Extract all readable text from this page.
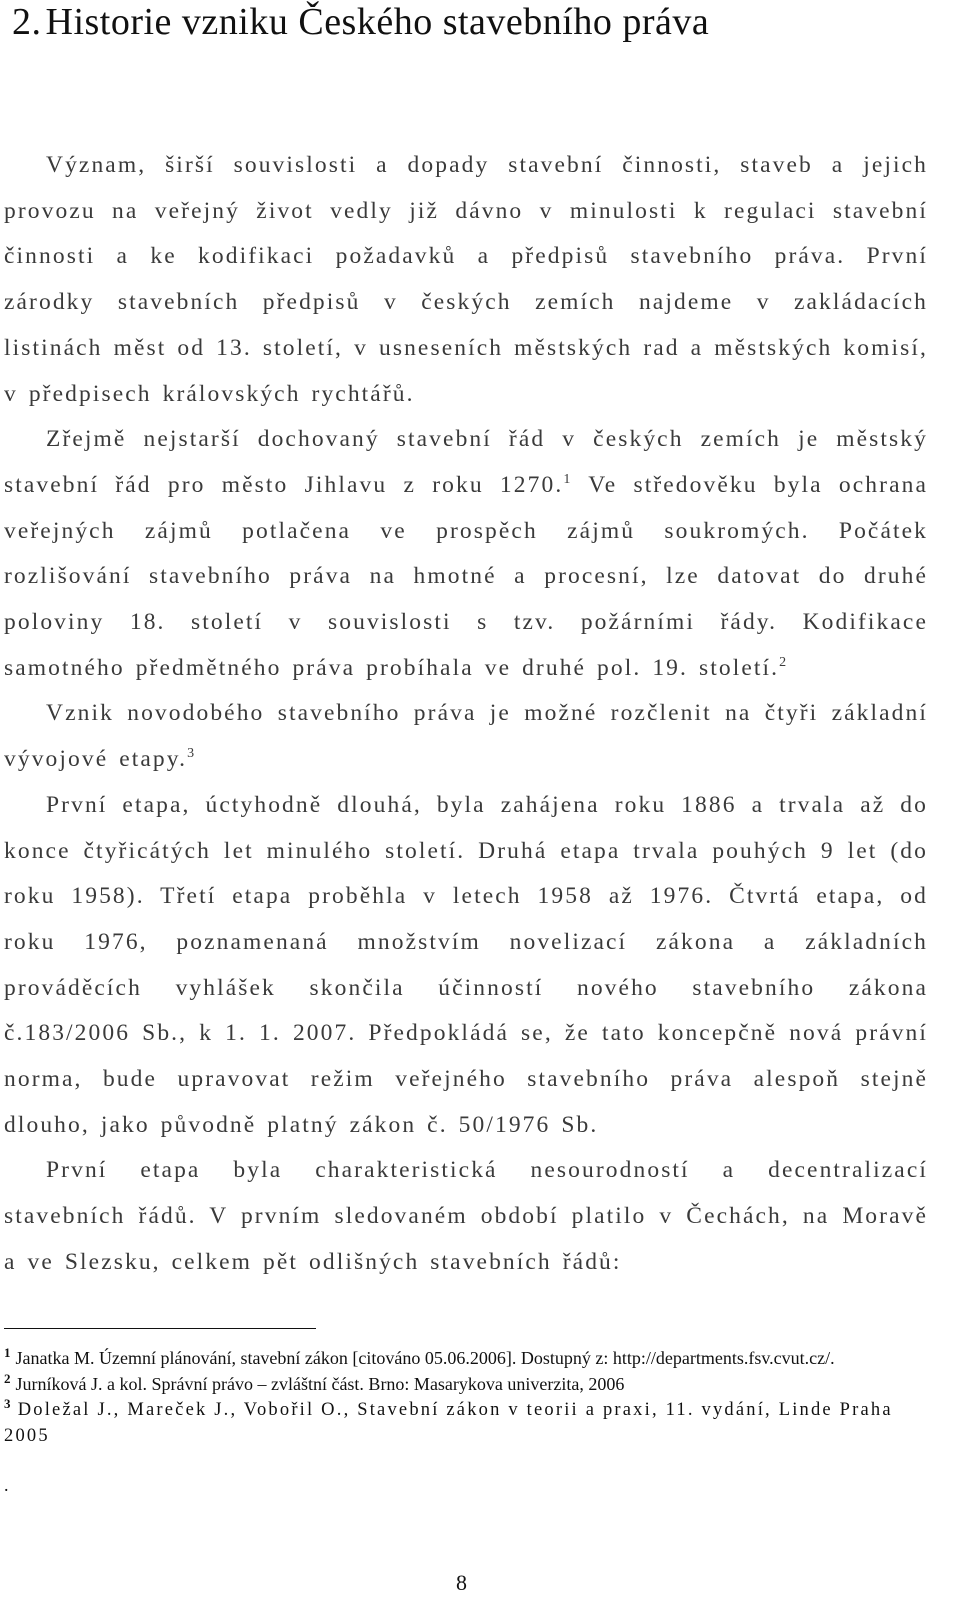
2. Historie vzniku Českého stavebního práva

Význam, širší souvislosti a dopady stavební činnosti, staveb a jejich provozu na veřejný život vedly již dávno v minulosti k regulaci stavební činnosti a ke kodifikaci požadavků a předpisů stavebního práva. První zárodky stavebních předpisů v českých zemích najdeme v zakládacích listinách měst od 13. století, v usneseních městských rad a městských komisí, v předpisech královských rychtářů.

Zřejmě nejstarší dochovaný stavební řád v českých zemích je městský stavební řád pro město Jihlavu z roku 1270.$^1$ Ve středověku byla ochrana veřejných zájmů potlačena ve prospěch zájmů soukromých. Počátek rozlišování stavebního práva na hmotné a procesní, lze datovat do druhé poloviny 18. století v souvislosti s tzv. požárními řády. Kodifikace samotného předmětného práva probíhala ve druhé pol. 19. století.$^2$

Vznik novodobého stavebního práva je možné rozčlenit na čtyři základní vývojové etapy.$^3$

První etapa, úctyhodně dlouhá, byla zahájena roku 1886 a trvala až do konce čtyřicátých let minulého století. Druhá etapa trvala pouhých 9 let (do roku 1958). Třetí etapa proběhla v letech 1958 až 1976. Čtvrtá etapa, od roku 1976, poznamenaná množstvím novelizací zákona a základních prováděcích vyhlášek skončila účinností nového stavebního zákona č.183/2006 Sb., k 1. 1. 2007. Předpokládá se, že tato koncepčně nová právní norma, bude upravovat režim veřejného stavebního práva alespoň stejně dlouho, jako původně platný zákon č. 50/1976 Sb.

První etapa byla charakteristická nesourodností a decentralizací stavebních řádů. V prvním sledovaném období platilo v Čechách, na Moravě a ve Slezsku, celkem pět odlišných stavebních řádů:

$^1$ Janatka M. Územní plánování, stavební zákon [citováno 05.06.2006]. Dostupný z: http://departments.fsv.cvut.cz/.

$^2$ Jurníková J. a kol. Správní právo – zvláštní část. Brno: Masarykova univerzita, 2006

$^3$ Doležal J., Mareček J., Vobořil O., Stavební zákon v teorii a praxi, 11. vydání, Linde Praha 2005

.
8
